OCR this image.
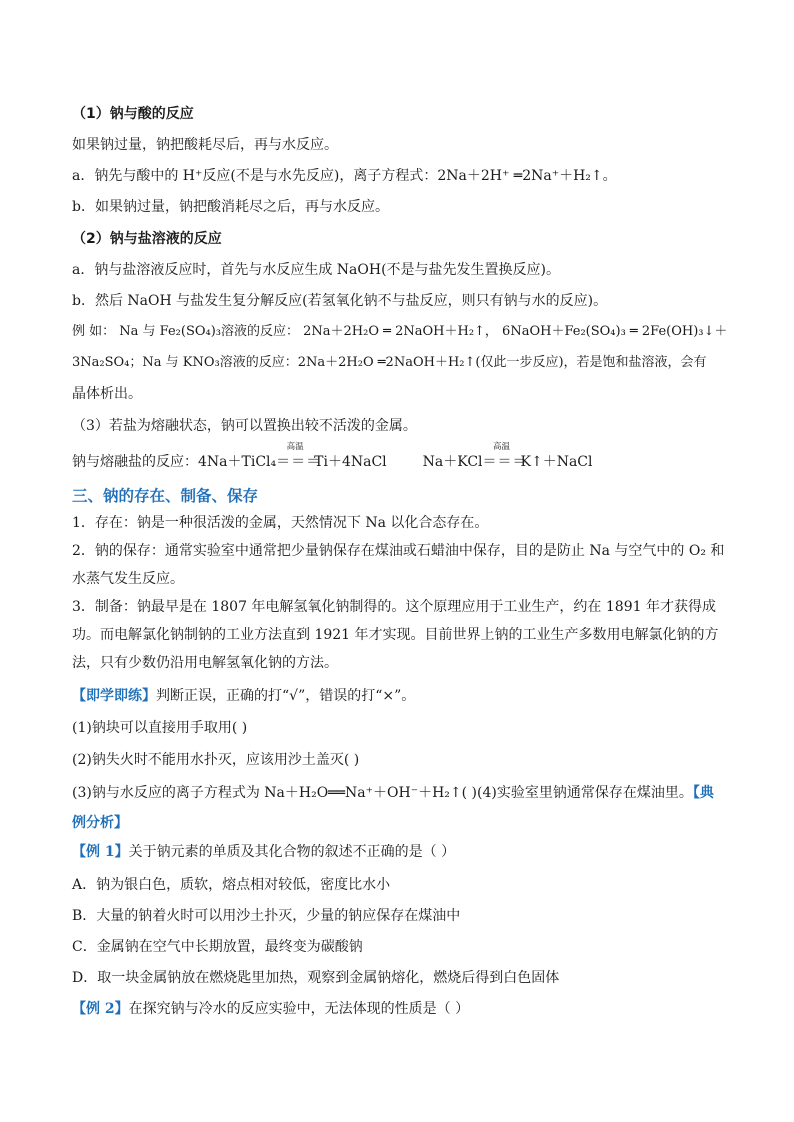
（1）钠与酸的反应
如果钠过量，钠把酸耗尽后，再与水反应。
a．钠先与酸中的 H⁺反应(不是与水先反应)，离子方程式：2Na＋2H⁺ ═2Na⁺＋H₂↑。
b．如果钠过量，钠把酸消耗尽之后，再与水反应。
（2）钠与盐溶液的反应
a．钠与盐溶液反应时，首先与水反应生成 NaOH(不是与盐先发生置换反应)。
b．然后 NaOH 与盐发生复分解反应(若氢氧化钠不与盐反应，则只有钠与水的反应)。
例 如： Na 与 Fe₂(SO₄)₃溶液的反应： 2Na＋2H₂O ═ 2NaOH＋H₂↑， 6NaOH＋Fe₂(SO₄)₃ ═ 2Fe(OH)₃↓＋
3Na₂SO₄；Na 与 KNO₃溶液的反应：2Na＋2H₂O ═2NaOH＋H₂↑(仅此一步反应)，若是饱和盐溶液，会有
晶体析出。
（3）若盐为熔融状态，钠可以置换出较不活泼的金属。
钠与熔融盐的反应：4Na＋TiCl₄
高温
＝＝＝Ti＋4NaCl	Na＋KCl
高温
＝＝＝K↑＋NaCl
三、钠的存在、制备、保存
1．存在：钠是一种很活泼的金属，天然情况下 Na 以化合态存在。
2．钠的保存：通常实验室中通常把少量钠保存在煤油或石蜡油中保存，目的是防止 Na 与空气中的 O₂ 和
水蒸气发生反应。
3．制备：钠最早是在 1807 年电解氢氧化钠制得的。这个原理应用于工业生产，约在 1891 年才获得成
功。而电解氯化钠制钠的工业方法直到 1921 年才实现。目前世界上钠的工业生产多数用电解氯化钠的方
法，只有少数仍沿用电解氢氧化钠的方法。
【即学即练】判断正误，正确的打“√”，错误的打“×”。
(1)钠块可以直接用手取用( )
(2)钠失火时不能用水扑灭，应该用沙土盖灭( )
(3)钠与水反应的离子方程式为 Na＋H₂O══Na⁺＋OH⁻＋H₂↑( )(4)实验室里钠通常保存在煤油里。【典
例分析】
【例 1】关于钠元素的单质及其化合物的叙述不正确的是（ ）
A．钠为银白色，质软，熔点相对较低，密度比水小
B．大量的钠着火时可以用沙土扑灭，少量的钠应保存在煤油中
C．金属钠在空气中长期放置，最终变为碳酸钠
D．取一块金属钠放在燃烧匙里加热，观察到金属钠熔化，燃烧后得到白色固体
【例 2】在探究钠与冷水的反应实验中，无法体现的性质是（ ）
